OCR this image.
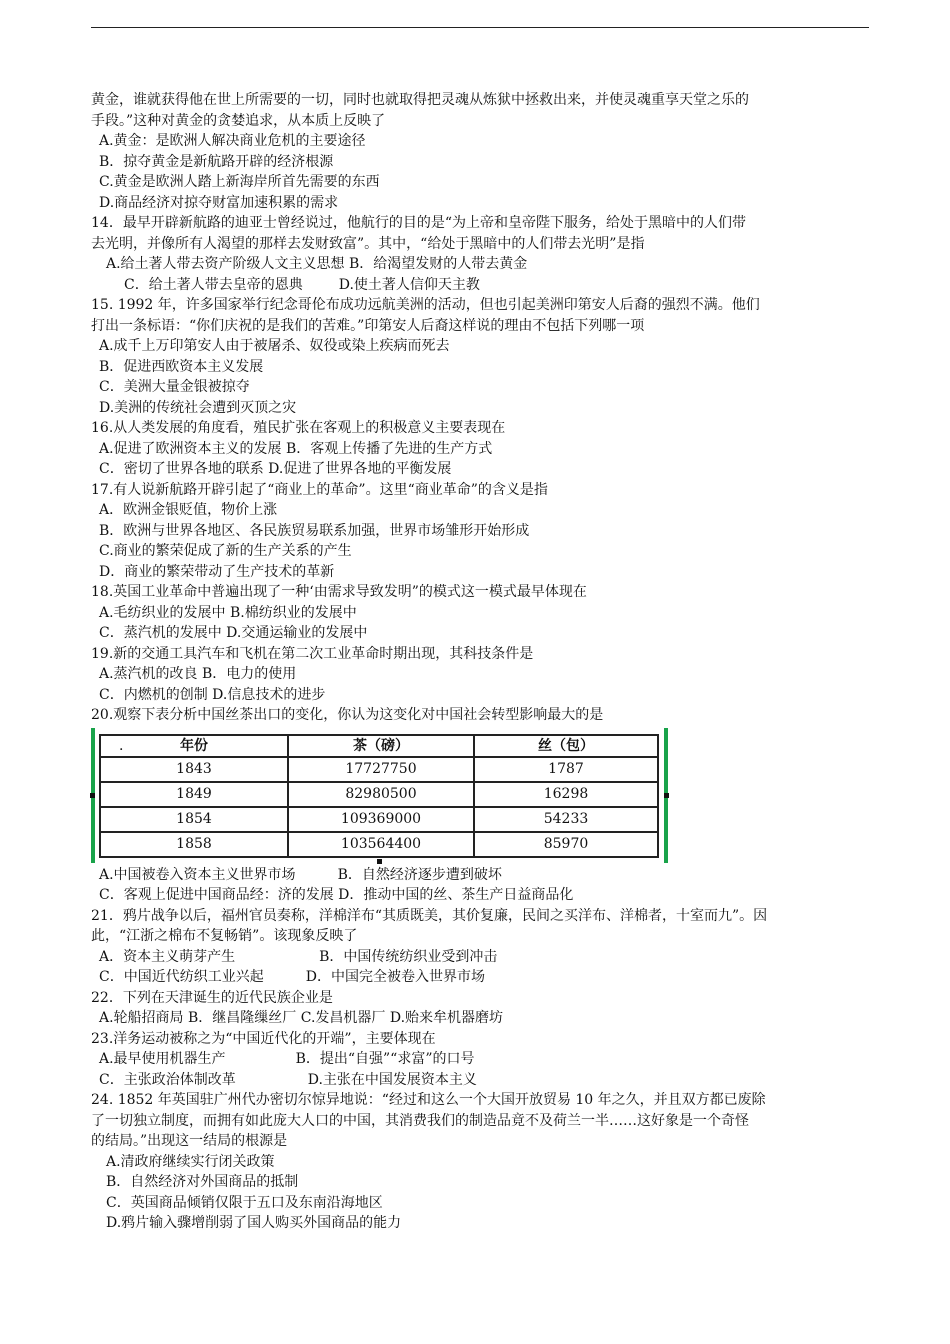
黄金，谁就获得他在世上所需要的一切，同时也就取得把灵魂从炼狱中拯救出来，并使灵魂重享天堂之乐的

手段。”这种对黄金的贪婪追求，从本质上反映了

A.黄金：是欧洲人解决商业危机的主要途径

B．掠夺黄金是新航路开辟的经济根源

C.黄金是欧洲人踏上新海岸所首先需要的东西

D.商品经济对掠夺财富加速积累的需求

14．最早开辟新航路的迪亚士曾经说过，他航行的目的是“为上帝和皇帝陛下服务，给处于黑暗中的人们带

去光明，并像所有人渴望的那样去发财致富”。其中，“给处于黑暗中的人们带去光明”是指

A.给土著人带去资产阶级人文主义思想 B．给渴望发财的人带去黄金

C．给土著人带去皇帝的恩典	D.使土著人信仰天主教

15. 1992 年，许多国家举行纪念哥伦布成功远航美洲的活动，但也引起美洲印第安人后裔的强烈不满。他们

打出一条标语：“你们庆祝的是我们的苦难。”印第安人后裔这样说的理由不包括下列哪一项

A.成千上万印第安人由于被屠杀、奴役或染上疾病而死去

B．促进西欧资本主义发展

C．美洲大量金银被掠夺

D.美洲的传统社会遭到灭顶之灾

16.从人类发展的角度看，殖民扩张在客观上的积极意义主要表现在

A.促进了欧洲资本主义的发展 B．客观上传播了先进的生产方式

C．密切了世界各地的联系 D.促进了世界各地的平衡发展

17.有人说新航路开辟引起了“商业上的革命”。这里“商业革命”的含义是指

A．欧洲金银贬值，物价上涨

B．欧洲与世界各地区、各民族贸易联系加强，世界市场雏形开始形成

C.商业的繁荣促成了新的生产关系的产生

D．商业的繁荣带动了生产技术的革新

18.英国工业革命中普遍出现了一种‘由需求导致发明”的模式这一模式最早体现在

A.毛纺织业的发展中 B.棉纺织业的发展中

C．蒸汽机的发展中 D.交通运输业的发展中

19.新的交通工具汽车和飞机在第二次工业革命时期出现，其科技条件是

A.蒸汽机的改良 B．电力的使用

C．内燃机的创制 D.信息技术的进步

20.观察下表分析中国丝茶出口的变化，你认为这变化对中国社会转型影响最大的是

· 年份	茶（磅）	丝（包）
1843	17727750	1787
1849	82980500	16298
1854	109369000	54233
1858	103564400	85970

A.中国被卷入资本主义世界市场	B．自然经济逐步遭到破坏

C．客观上促进中国商品经：济的发展 D．推动中国的丝、茶生产日益商品化

21．鸦片战争以后，福州官员奏称，洋棉洋布“其质既美，其价复廉，民间之买洋布、洋棉者，十室而九”。因

此，“江浙之棉布不复畅销”。该现象反映了

A．资本主义萌芽产生	B．中国传统纺织业受到冲击

C．中国近代纺织工业兴起	D．中国完全被卷入世界市场

22．下列在天津诞生的近代民族企业是

A.轮船招商局 B．继昌隆缫丝厂 C.发昌机器厂 D.贻来牟机器磨坊

23.洋务运动被称之为“中国近代化的开端”，主要体现在

A.最早使用机器生产	B．提出“自强”“求富”的口号

C．主张政治体制改革	D.主张在中国发展资本主义

24. 1852 年英国驻广州代办密切尔惊异地说：“经过和这么一个大国开放贸易 10 年之久，并且双方都已废除

了一切独立制度，而拥有如此庞大人口的中国，其消费我们的制造品竟不及荷兰一半……这好象是一个奇怪

的结局。”出现这一结局的根源是

A.清政府继续实行闭关政策

B．自然经济对外国商品的抵制

C．英国商品倾销仅限于五口及东南沿海地区

D.鸦片输入骤增削弱了国人购买外国商品的能力
